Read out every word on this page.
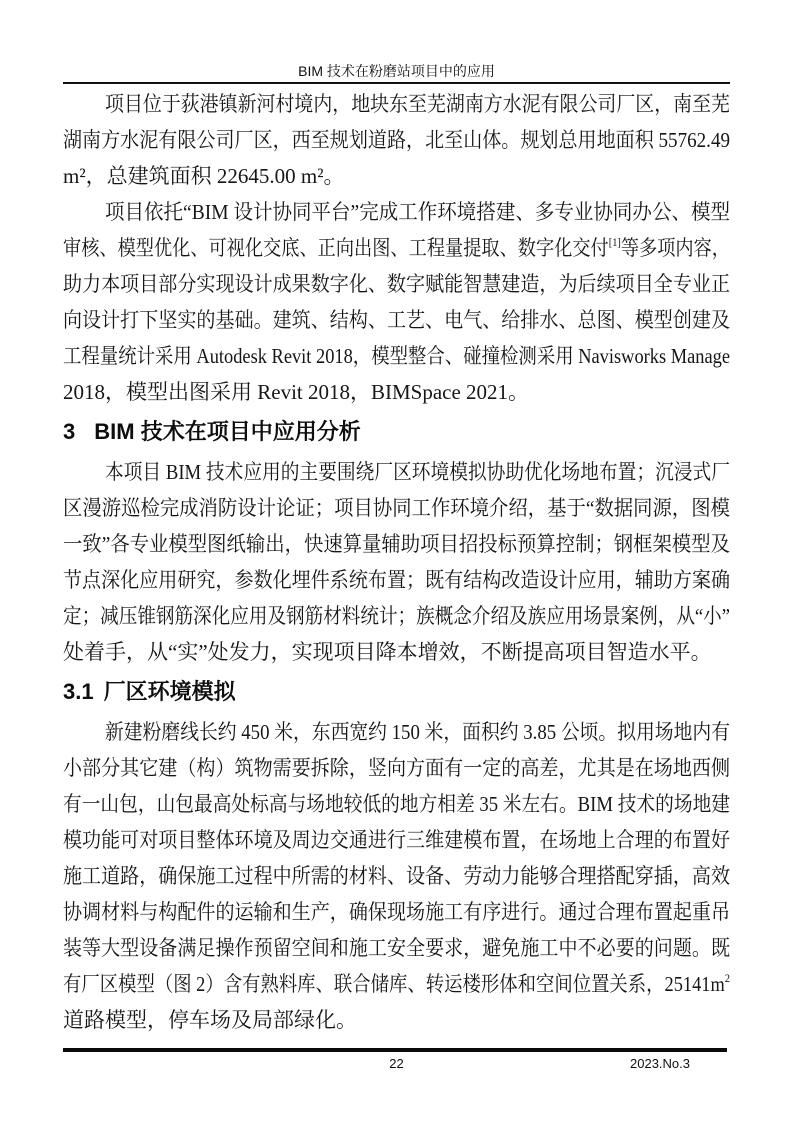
BIM 技术在粉磨站项目中的应用
项目位于荻港镇新河村境内，地块东至芜湖南方水泥有限公司厂区，南至芜
湖南方水泥有限公司厂区，西至规划道路，北至山体。规划总用地面积 55762.49
m²，总建筑面积 22645.00 m²。
项目依托“BIM 设计协同平台”完成工作环境搭建、多专业协同办公、模型
审核、模型优化、可视化交底、正向出图、工程量提取、数字化交付[1]等多项内容，
助力本项目部分实现设计成果数字化、数字赋能智慧建造，为后续项目全专业正
向设计打下坚实的基础。建筑、结构、工艺、电气、给排水、总图、模型创建及
工程量统计采用 Autodesk Revit 2018，模型整合、碰撞检测采用 Navisworks Manage
2018，模型出图采用 Revit 2018，BIMSpace 2021。
3 BIM 技术在项目中应用分析
本项目 BIM 技术应用的主要围绕厂区环境模拟协助优化场地布置；沉浸式厂
区漫游巡检完成消防设计论证；项目协同工作环境介绍，基于“数据同源，图模
一致”各专业模型图纸输出，快速算量辅助项目招投标预算控制；钢框架模型及
节点深化应用研究，参数化埋件系统布置；既有结构改造设计应用，辅助方案确
定；减压锥钢筋深化应用及钢筋材料统计；族概念介绍及族应用场景案例，从“小”
处着手，从“实”处发力，实现项目降本增效，不断提高项目智造水平。
3.1 厂区环境模拟
新建粉磨线长约 450 米，东西宽约 150 米，面积约 3.85 公顷。拟用场地内有
小部分其它建（构）筑物需要拆除，竖向方面有一定的高差，尤其是在场地西侧
有一山包，山包最高处标高与场地较低的地方相差 35 米左右。BIM 技术的场地建
模功能可对项目整体环境及周边交通进行三维建模布置，在场地上合理的布置好
施工道路，确保施工过程中所需的材料、设备、劳动力能够合理搭配穿插，高效
协调材料与构配件的运输和生产，确保现场施工有序进行。通过合理布置起重吊
装等大型设备满足操作预留空间和施工安全要求，避免施工中不必要的问题。既
有厂区模型（图 2）含有熟料库、联合储库、转运楼形体和空间位置关系，$25141m^2$
道路模型，停车场及局部绿化。
22	2023.No.3
